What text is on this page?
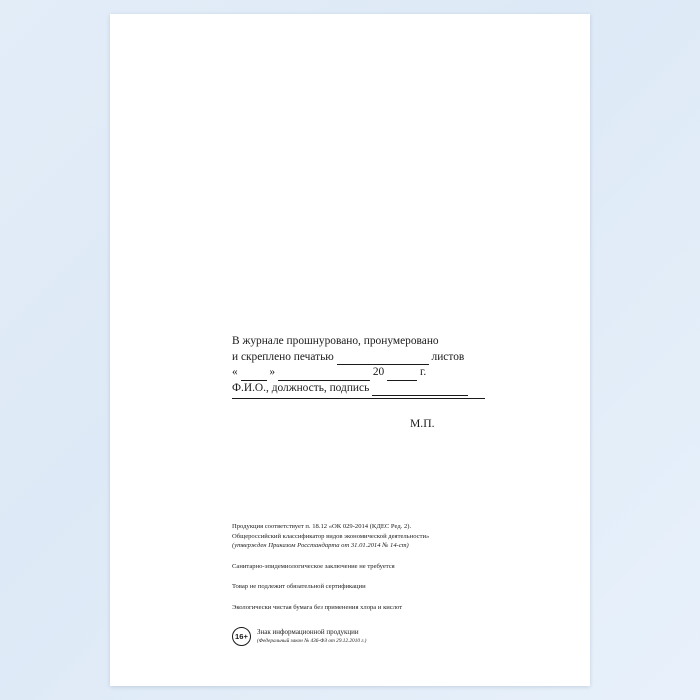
В журнале прошнуровано, пронумеровано
и скреплено печатью	листов
«	»	20	г.
Ф.И.О., должность, подпись
М.П.
Продукция соответствует п. 18.12 «ОК 029-2014 (КДЕС Ред. 2).
Общероссийский классификатор видов экономической деятельности»
(утвержден Приказом Росстандарта от 31.01.2014 № 14-ст)
Санитарно-эпидемиологическое заключение не требуется
Товар не подлежит обязательной сертификации
Экологически чистая бумага без применения хлора и кислот
16+	Знак информационной продукции
(Федеральный закон № 436-ФЗ от 29.12.2010 г.)
